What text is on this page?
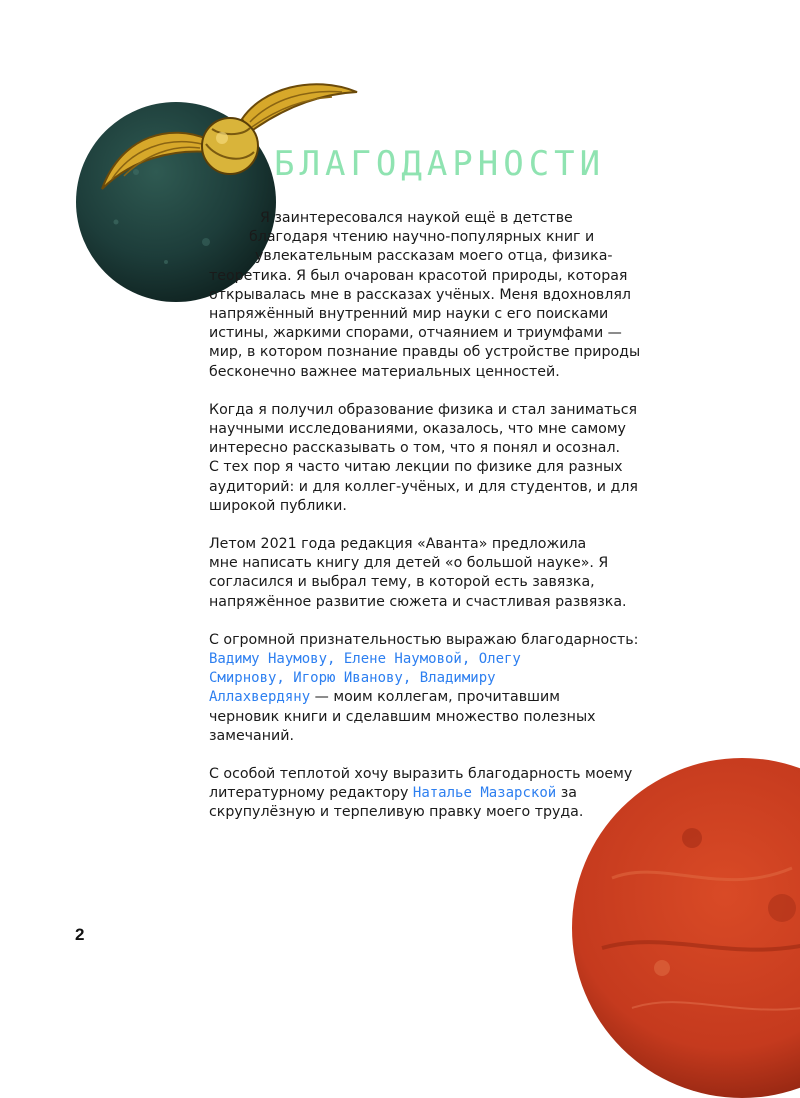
БЛАГОДАРНОСТИ

Я заинтересовался наукой ещё в детстве
благодаря чтению научно-популярных книг и
увлекательным рассказам моего отца, физика-
теоретика. Я был очарован красотой природы, которая
открывалась мне в рассказах учёных. Меня вдохновлял
напряжённый внутренний мир науки с его поисками
истины, жаркими спорами, отчаянием и триумфами —
мир, в котором познание правды об устройстве природы
бесконечно важнее материальных ценностей.

Когда я получил образование физика и стал заниматься
научными исследованиями, оказалось, что мне самому
интересно рассказывать о том, что я понял и осознал.
С тех пор я часто читаю лекции по физике для разных
аудиторий: и для коллег-учёных, и для студентов, и для
широкой публики.

Летом 2021 года редакция «Аванта» предложила
мне написать книгу для детей «о большой науке». Я
согласился и выбрал тему, в которой есть завязка,
напряжённое развитие сюжета и счастливая развязка.

С огромной признательностью выражаю благодарность:
Вадиму Наумову, Елене Наумовой, Олегу
Смирнову, Игорю Иванову, Владимиру
Аллахвердяну — моим коллегам, прочитавшим
черновик книги и сделавшим множество полезных
замечаний.

С особой теплотой хочу выразить благодарность моему
литературному редактору Наталье Мазарской за
скрупулёзную и терпеливую правку моего труда.

2
